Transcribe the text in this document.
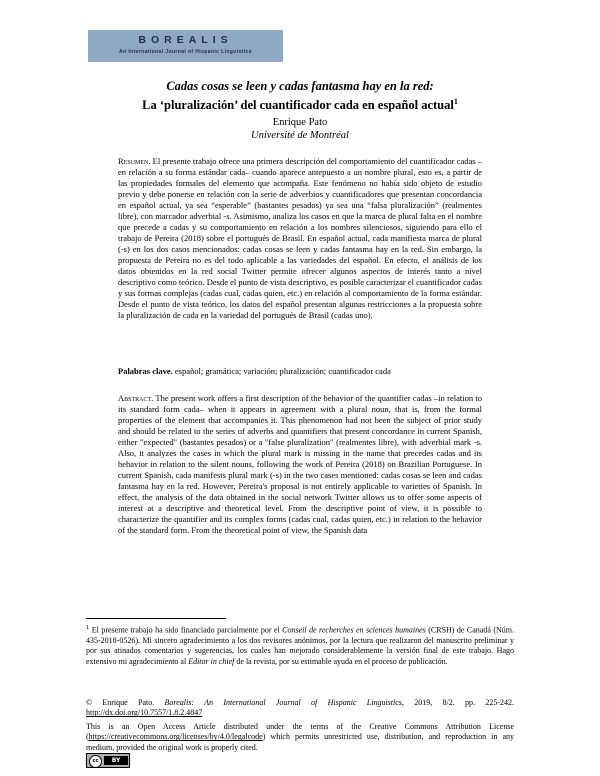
BOREALIS
An International Journal of Hispanic Linguistics
Cadas cosas se leen y cadas fantasma hay en la red:
La ‘pluralización’ del cuantificador cada en español actual$^1$
Enrique Pato
Université de Montréal
Resumen. El presente trabajo ofrece una primera descripción del comportamiento del cuantificador cadas –en relación a su forma estándar cada– cuando aparece antepuesto a un nombre plural, esto es, a partir de las propiedades formales del elemento que acompaña. Este fenómeno no había sido objeto de estudio previo y debe ponerse en relación con la serie de adverbios y cuantificadores que presentan concordancia en español actual, ya sea “esperable” (bastantes pesados) ya sea una “falsa pluralización” (realmentes libre), con marcador adverbial -s. Asimismo, analiza los casos en que la marca de plural falta en el nombre que precede a cadas y su comportamiento en relación a los nombres silenciosos, siguiendo para ello el trabajo de Pereira (2018) sobre el portugués de Brasil. En español actual, cada manifiesta marca de plural (-s) en los dos casos mencionados: cadas cosas se leen y cadas fantasma hay en la red. Sin embargo, la propuesta de Pereira no es del todo aplicable a las variedades del español. En efecto, el análisis de los datos obtenidos en la red social Twitter permite ofrecer algunos aspectos de interés tanto a nivel descriptivo como teórico. Desde el punto de vista descriptivo, es posible caracterizar el cuantificador cadas y sus formas complejas (cadas cual, cadas quien, etc.) en relación al comportamiento de la forma estándar. Desde el punto de vista teórico, los datos del español presentan algunas restricciones a la propuesta sobre la pluralización de cada en la variedad del portugués de Brasil (cadas uno).
Palabras clave. español; gramática; variación; pluralización; cuantificador cada
Abstract. The present work offers a first description of the behavior of the quantifier cadas –in relation to its standard form cada– when it appears in agreement with a plural noun, that is, from the formal properties of the element that accompanies it. This phenomenon had not been the subject of prior study and should be related to the series of adverbs and quantifiers that present concordance in current Spanish, either "expected" (bastantes pesados) or a "false pluralization" (realmentes libre), with adverbial mark -s. Also, it analyzes the cases in which the plural mark is missing in the name that precedes cadas and its behavior in relation to the silent nouns, following the work of Pereira (2018) on Brazilian Portuguese. In current Spanish, cada manifests plural mark (-s) in the two cases mentioned: cadas cosas se leen and cadas fantasma hay en la red. However, Pereira's proposal is not entirely applicable to varieties of Spanish. In effect, the analysis of the data obtained in the social network Twitter allows us to offer some aspects of interest at a descriptive and theoretical level. From the descriptive point of view, it is possible to characterize the quantifier and its complex forms (cadas cual, cadas quien, etc.) in relation to the behavior of the standard form. From the theoretical point of view, the Spanish data
$^1$ El presente trabajo ha sido financiado parcialmente por el Conseil de recherches en sciences humaines (CRSH) de Canadá (Núm. 435-2018-0526). Mi sincero agradecimiento a los dos revisores anónimos, por la lectura que realizaron del manuscrito preliminar y por sus atinados comentarios y sugerencias, los cuales han mejorado considerablemente la versión final de este trabajo. Hago extensivo mi agradecimiento al Editor in chief de la revista, por su estimable ayuda en el proceso de publicación.
© Enrique Pato. Borealis: An International Journal of Hispanic Linguistics, 2019, 8/2. pp. 225-242. http://dx.doi.org/10.7557/1.8.2.4847
This is an Open Access Article distributed under the terms of the Creative Commons Attribution License (https://creativecommons.org/licenses/by/4.0/legalcode) which permits unrestricted use, distribution, and reproduction in any medium, provided the original work is properly cited.
cc	BY
